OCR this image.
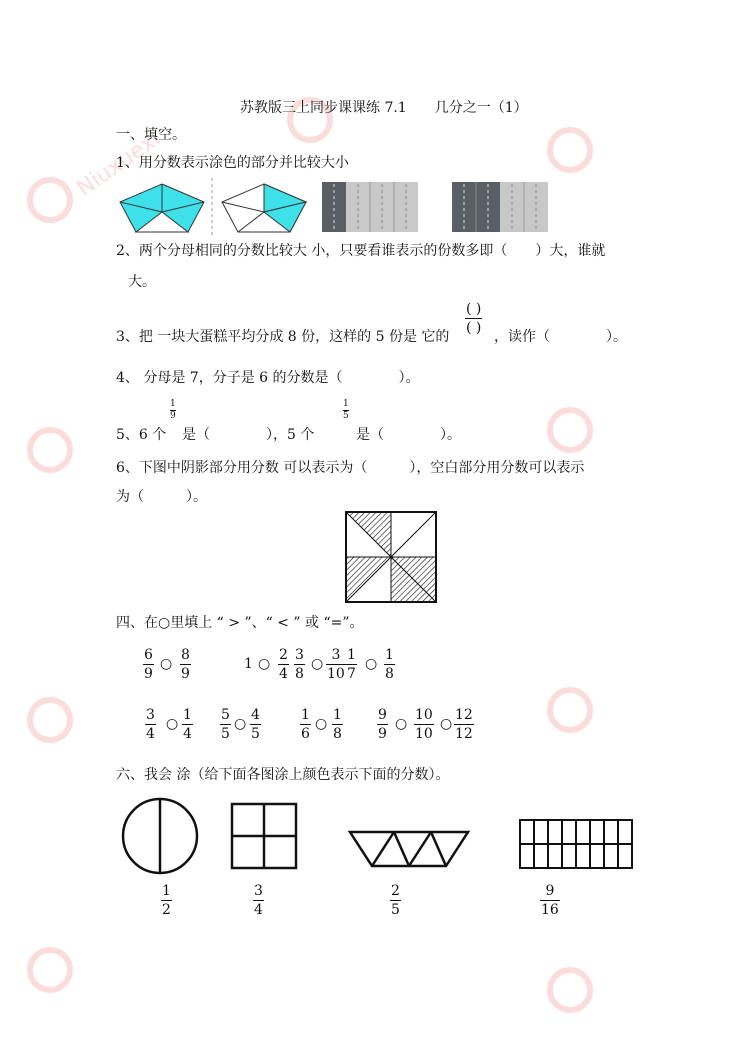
Niuxuexi.com 苏教版三上同步课课练 7.1　　几分之一（1）
一、填空。
1、用分数表示涂色的部分并比较大小
2、两个分母相同的分数比较大 小，只要看谁表示的份数多即（　　）大，谁就
大。
3、把 一块大蛋糕平均分成 8 份，这样的 5 份是 它的
( )
( )
，读作（　　　　）。
4、 分母是 7，分子是 6 的分数是（　　　　）。
5、6 个
1
9
是（　　　　），5 个
1
5
是（　　　　）。
6、下图中阴影部分用分数 可以表示为（　　　），空白部分用分数可以表示
为（　　　）。
四、在○里填上 “ > ”、“ < ” 或 “=”。
6
9
○
8
9
1 ○
2
4
3
8
○
3
10
1
7
○
1
8
3
4
○
1
4
5
5
○
4
5
1
6
○
1
8
9
9
○
10
10
○
12
12
六、我会 涂（给下面各图涂上颜色表示下面的分数）。
1
2
3
4
2
5
9
16
